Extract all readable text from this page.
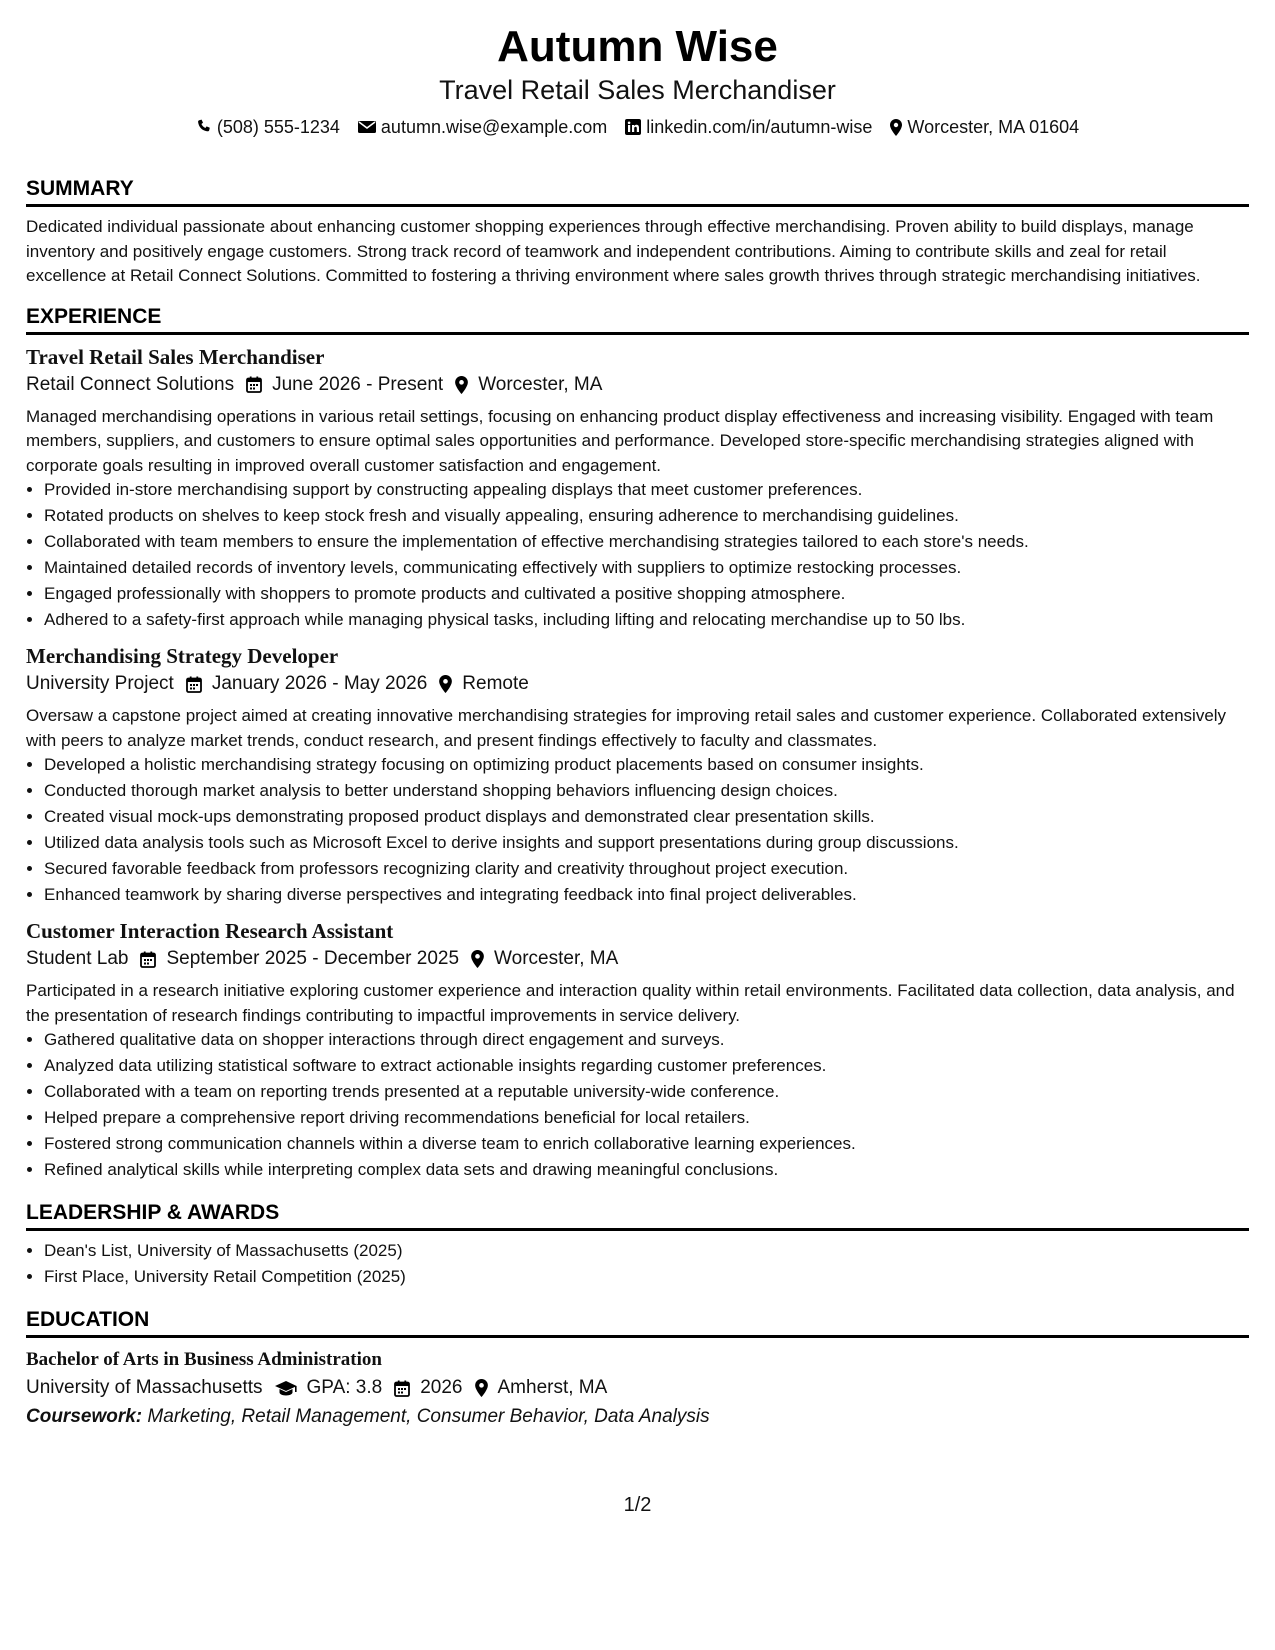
Autumn Wise
Travel Retail Sales Merchandiser
(508) 555-1234 autumn.wise@example.com linkedin.com/in/autumn-wise Worcester, MA 01604
SUMMARY

Dedicated individual passionate about enhancing customer shopping experiences through effective merchandising. Proven ability to build displays, manage inventory and positively engage customers. Strong track record of teamwork and independent contributions. Aiming to contribute skills and zeal for retail excellence at Retail Connect Solutions. Committed to fostering a thriving environment where sales growth thrives through strategic merchandising initiatives.

EXPERIENCE
Travel Retail Sales Merchandiser
Retail Connect Solutions June 2026 - Present Worcester, MA

Managed merchandising operations in various retail settings, focusing on enhancing product display effectiveness and increasing visibility. Engaged with team members, suppliers, and customers to ensure optimal sales opportunities and performance. Developed store-specific merchandising strategies aligned with corporate goals resulting in improved overall customer satisfaction and engagement.

• Provided in-store merchandising support by constructing appealing displays that meet customer preferences.
• Rotated products on shelves to keep stock fresh and visually appealing, ensuring adherence to merchandising guidelines.
• Collaborated with team members to ensure the implementation of effective merchandising strategies tailored to each store's needs.
• Maintained detailed records of inventory levels, communicating effectively with suppliers to optimize restocking processes.
• Engaged professionally with shoppers to promote products and cultivated a positive shopping atmosphere.
• Adhered to a safety-first approach while managing physical tasks, including lifting and relocating merchandise up to 50 lbs.
Merchandising Strategy Developer
University Project January 2026 - May 2026 Remote

Oversaw a capstone project aimed at creating innovative merchandising strategies for improving retail sales and customer experience. Collaborated extensively with peers to analyze market trends, conduct research, and present findings effectively to faculty and classmates.

• Developed a holistic merchandising strategy focusing on optimizing product placements based on consumer insights.
• Conducted thorough market analysis to better understand shopping behaviors influencing design choices.
• Created visual mock-ups demonstrating proposed product displays and demonstrated clear presentation skills.
• Utilized data analysis tools such as Microsoft Excel to derive insights and support presentations during group discussions.
• Secured favorable feedback from professors recognizing clarity and creativity throughout project execution.
• Enhanced teamwork by sharing diverse perspectives and integrating feedback into final project deliverables.
Customer Interaction Research Assistant
Student Lab September 2025 - December 2025 Worcester, MA

Participated in a research initiative exploring customer experience and interaction quality within retail environments. Facilitated data collection, data analysis, and the presentation of research findings contributing to impactful improvements in service delivery.

• Gathered qualitative data on shopper interactions through direct engagement and surveys.
• Analyzed data utilizing statistical software to extract actionable insights regarding customer preferences.
• Collaborated with a team on reporting trends presented at a reputable university-wide conference.
• Helped prepare a comprehensive report driving recommendations beneficial for local retailers.
• Fostered strong communication channels within a diverse team to enrich collaborative learning experiences.
• Refined analytical skills while interpreting complex data sets and drawing meaningful conclusions.
LEADERSHIP & AWARDS
• Dean's List, University of Massachusetts (2025)
• First Place, University Retail Competition (2025)
EDUCATION
Bachelor of Arts in Business Administration
University of Massachusetts GPA: 3.8 2026 Amherst, MA
Coursework: Marketing, Retail Management, Consumer Behavior, Data Analysis
1/2
